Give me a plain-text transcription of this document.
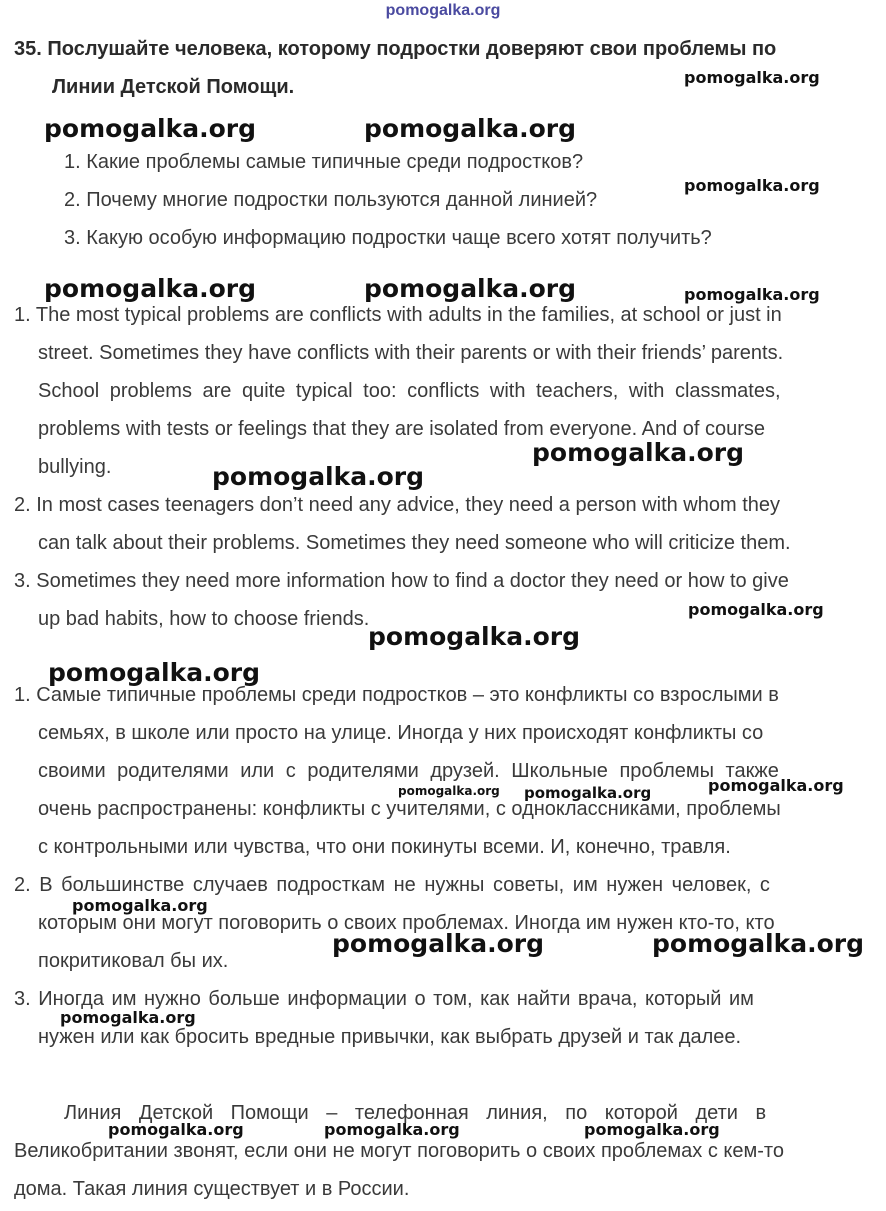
pomogalka.org
35. Послушайте человека, которому подростки доверяют свои проблемы по
Линии Детской Помощи.
1. Какие проблемы самые типичные среди подростков?
2. Почему многие подростки пользуются данной линией?
3. Какую особую информацию подростки чаще всего хотят получить?
1. The most typical problems are conflicts with adults in the families, at school or just in
street. Sometimes they have conflicts with their parents or with their friends’ parents.
School problems are quite typical too: conflicts with teachers, with classmates,
problems with tests or feelings that they are isolated from everyone. And of course
bullying.
2. In most cases teenagers don’t need any advice, they need a person with whom they
can talk about their problems. Sometimes they need someone who will criticize them.
3. Sometimes they need more information how to find a doctor they need or how to give
up bad habits, how to choose friends.
1. Самые типичные проблемы среди подростков – это конфликты со взрослыми в
семьях, в школе или просто на улице. Иногда у них происходят конфликты со
своими родителями или с родителями друзей. Школьные проблемы также
очень распространены: конфликты с учителями, с одноклассниками, проблемы
с контрольными или чувства, что они покинуты всеми. И, конечно, травля.
2. В большинстве случаев подросткам не нужны советы, им нужен человек, с
которым они могут поговорить о своих проблемах. Иногда им нужен кто-то, кто
покритиковал бы их.
3. Иногда им нужно больше информации о том, как найти врача, который им
нужен или как бросить вредные привычки, как выбрать друзей и так далее.
Линия Детской Помощи – телефонная линия, по которой дети в
Великобритании звонят, если они не могут поговорить о своих проблемах с кем-то
дома. Такая линия существует и в России.
pomogalka.org
pomogalka.org	pomogalka.org
pomogalka.org
pomogalka.org	pomogalka.org	pomogalka.org
pomogalka.org
pomogalka.org
pomogalka.org
pomogalka.org
pomogalka.org
pomogalka.org pomogalka.org	pomogalka.org
pomogalka.org
pomogalka.org	pomogalka.org
pomogalka.org
pomogalka.org	pomogalka.org	pomogalka.org
